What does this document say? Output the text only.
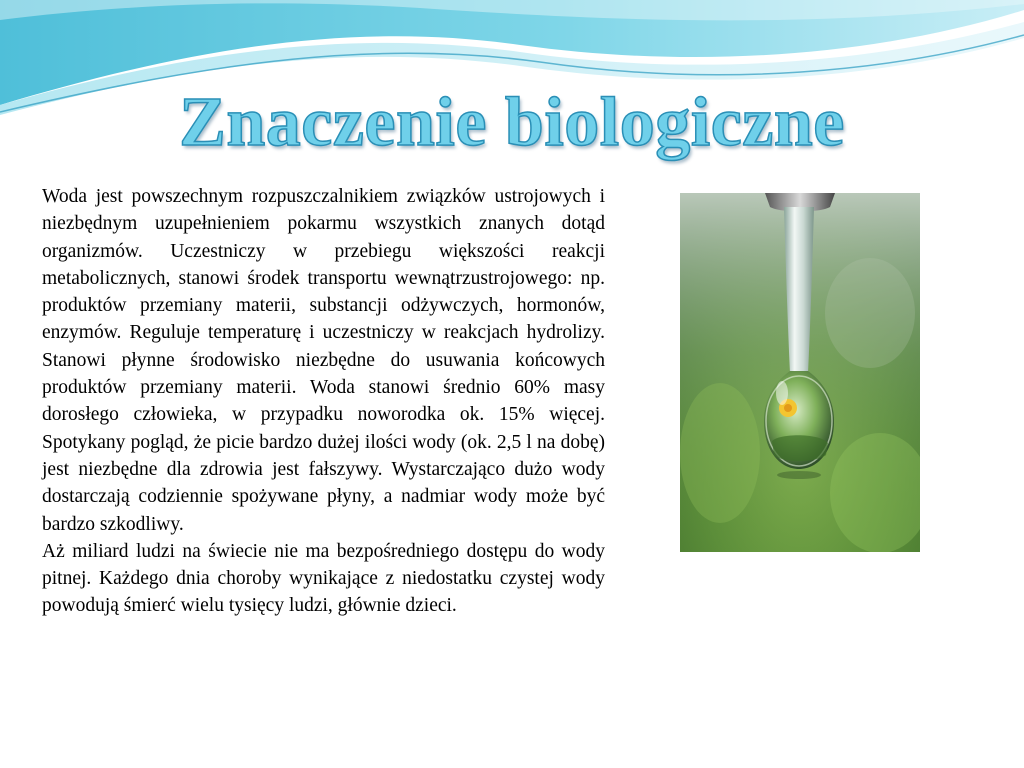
Znaczenie biologiczne

Woda jest powszechnym rozpuszczalnikiem związków ustrojowych i niezbędnym uzupełnieniem pokarmu wszystkich znanych dotąd organizmów. Uczestniczy w przebiegu większości reakcji metabolicznych, stanowi środek transportu wewnątrzustrojowego: np. produktów przemiany materii, substancji odżywczych, hormonów, enzymów. Reguluje temperaturę i uczestniczy w reakcjach hydrolizy. Stanowi płynne środowisko niezbędne do usuwania końcowych produktów przemiany materii. Woda stanowi średnio 60% masy dorosłego człowieka, w przypadku noworodka ok. 15% więcej. Spotykany pogląd, że picie bardzo dużej ilości wody (ok. 2,5 l na dobę) jest niezbędne dla zdrowia jest fałszywy. Wystarczająco dużo wody dostarczają codziennie spożywane płyny, a nadmiar wody może być bardzo szkodliwy.

Aż miliard ludzi na świecie nie ma bezpośredniego dostępu do wody pitnej. Każdego dnia choroby wynikające z niedostatku czystej wody powodują śmierć wielu tysięcy ludzi, głównie dzieci.
